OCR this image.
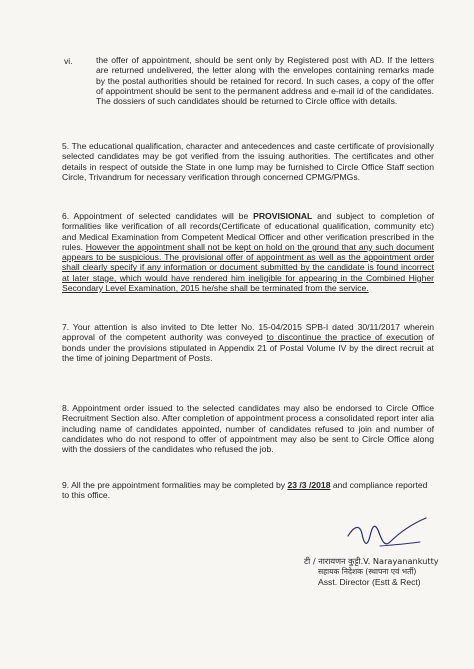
vi.	the offer of appointment, should be sent only by Registered post with AD. If the letters are returned undelivered, the letter along with the envelopes containing remarks made by the postal authorities should be retained for record. In such cases, a copy of the offer of appointment should be sent to the permanent address and e-mail id of the candidates. The dossiers of such candidates should be returned to Circle office with details.
5. The educational qualification, character and antecedences and caste certificate of provisionally selected candidates may be got verified from the issuing authorities. The certificates and other details in respect of outside the State in one lump may be furnished to Circle Office Staff section Circle, Trivandrum for necessary verification through concerned CPMG/PMGs.
6. Appointment of selected candidates will be PROVISIONAL and subject to completion of formalities like verification of all records(Certificate of educational qualification, community etc) and Medical Examination from Competent Medical Officer and other verification prescribed in the rules. However the appointment shall not be kept on hold on the ground that any such document appears to be suspicious. The provisional offer of appointment as well as the appointment order shall clearly specify if any information or document submitted by the candidate is found incorrect at later stage, which would have rendered him ineligible for appearing in the Combined Higher Secondary Level Examination, 2015 he/she shall be terminated from the service.
7. Your attention is also invited to Dte letter No. 15-04/2015 SPB-I dated 30/11/2017 wherein approval of the competent authority was conveyed to discontinue the practice of execution of bonds under the provisions stipulated in Appendix 21 of Postal Volume IV by the direct recruit at the time of joining Department of Posts.
8. Appointment order issued to the selected candidates may also be endorsed to Circle Office Recruitment Section also. After completion of appointment process a consolidated report inter alia including name of candidates appointed, number of candidates refused to join and number of candidates who do not respond to offer of appointment may also be sent to Circle Office along with the dossiers of the candidates who refused the job.
9. All the pre appointment formalities may be completed by 23 /3 /2018 and compliance reported to this office.
टी / नारायणन कुट्टी.V. Narayanankutty
सहायक निदेशक (स्थापना एवं भर्ती)
Asst. Director (Estt & Rect)
